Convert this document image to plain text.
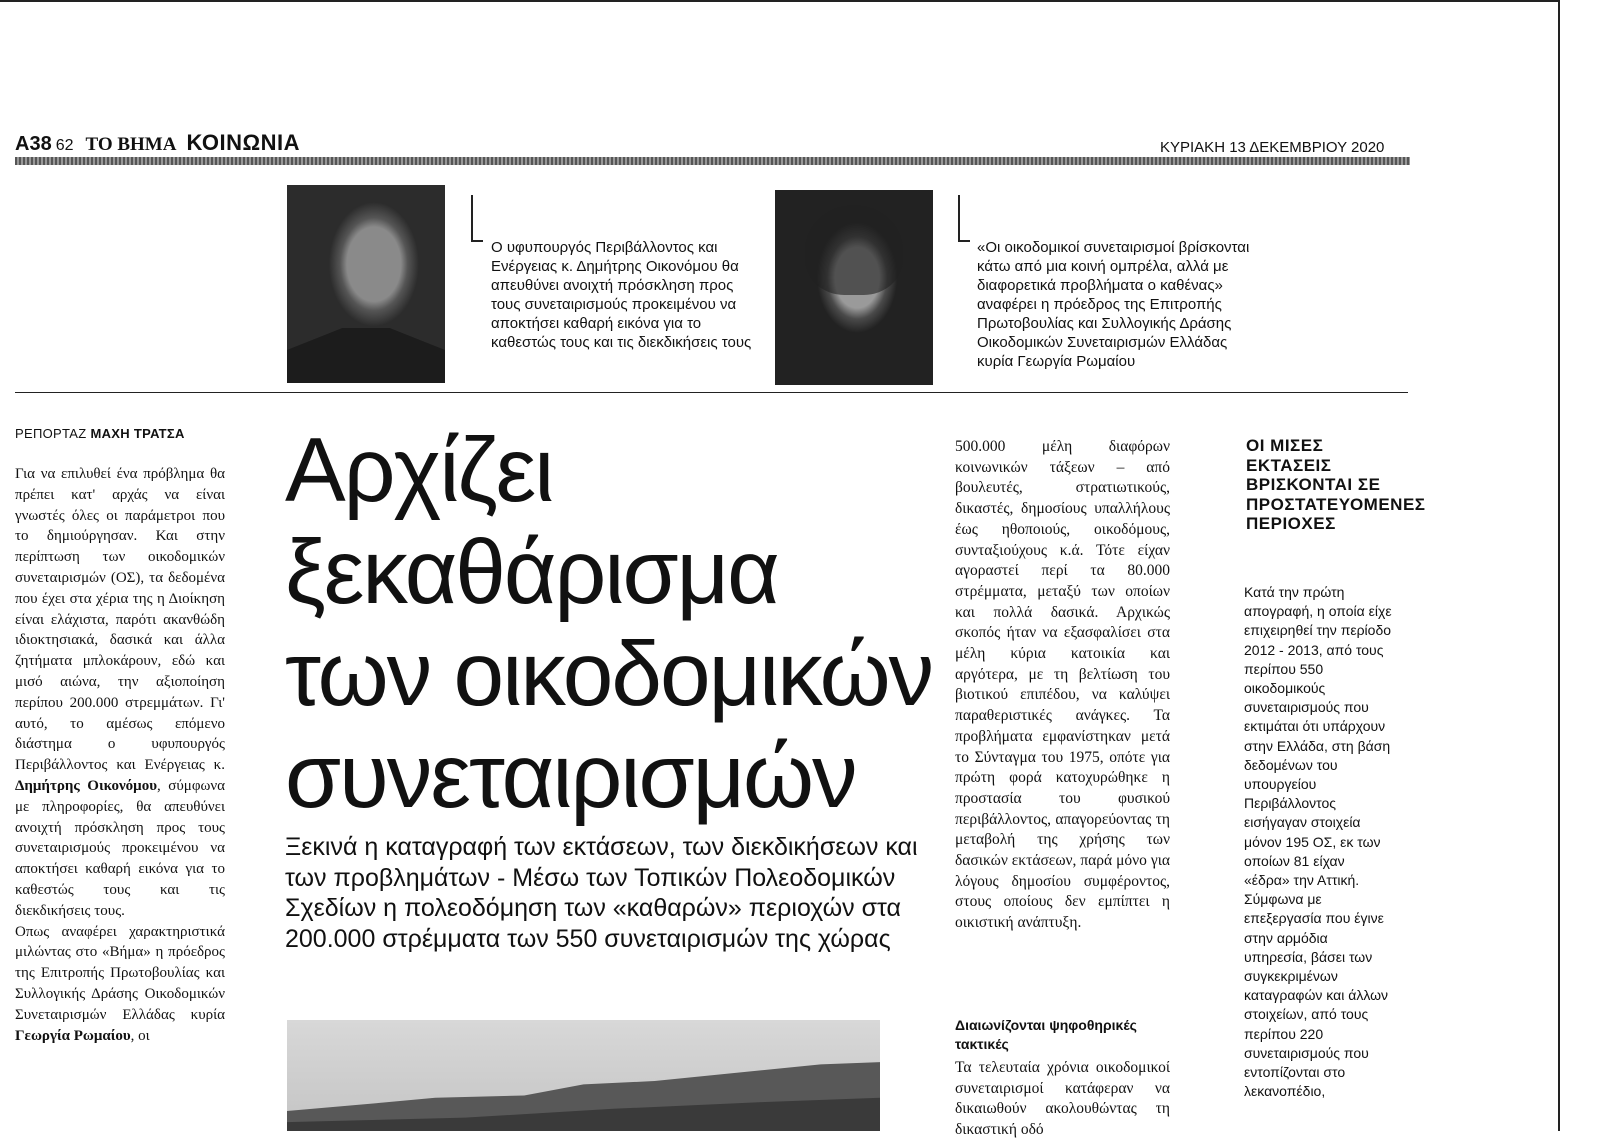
Α38 62 ΤΟ ΒΗΜΑ ΚΟΙΝΩΝΙΑ	ΚΥΡΙΑΚΗ 13 ΔΕΚΕΜΒΡΙΟΥ 2020
Ο υφυπουργός Περιβάλλοντος και Ενέργειας κ. Δημήτρης Οικονόμου θα απευθύνει ανοιχτή πρόσκληση προς τους συνεταιρισμούς προκειμένου να αποκτήσει καθαρή εικόνα για το καθεστώς τους και τις διεκδικήσεις τους
«Οι οικοδομικοί συνεταιρισμοί βρίσκονται κάτω από μια κοινή ομπρέλα, αλλά με διαφορετικά προβλήματα ο καθένας» αναφέρει η πρόεδρος της Επιτροπής Πρωτοβουλίας και Συλλογικής Δράσης Οικοδομικών Συνεταιρισμών Ελλάδας κυρία Γεωργία Ρωμαίου
ΡΕΠΟΡΤΑΖ ΜΑΧΗ ΤΡΑΤΣΑ

Για να επιλυθεί ένα πρόβλημα θα πρέπει κατ' αρχάς να είναι γνωστές όλες οι παράμετροι που το δημιούργησαν. Και στην περίπτωση των οικοδομικών συνεταιρισμών (ΟΣ), τα δεδομένα που έχει στα χέρια της η Διοίκηση είναι ελάχιστα, παρότι ακανθώδη ιδιοκτησιακά, δασικά και άλλα ζητήματα μπλοκάρουν, εδώ και μισό αιώνα, την αξιοποίηση περίπου 200.000 στρεμμάτων. Γι' αυτό, το αμέσως επόμενο διάστημα ο υφυπουργός Περιβάλλοντος και Ενέργειας κ. Δημήτρης Οικονόμου, σύμφωνα με πληροφορίες, θα απευθύνει ανοιχτή πρόσκληση προς τους συνεταιρισμούς προκειμένου να αποκτήσει καθαρή εικόνα για το καθεστώς τους και τις διεκδικήσεις τους.

Οπως αναφέρει χαρακτηριστικά μιλώντας στο «Βήμα» η πρόεδρος της Επιτροπής Πρωτοβουλίας και Συλλογικής Δράσης Οικοδομικών Συνεταιρισμών Ελλάδας κυρία Γεωργία Ρωμαίου, οι

Αρχίζει ξεκαθάρισμα των οικοδομικών συνεταιρισμών
Ξεκινά η καταγραφή των εκτάσεων, των διεκδικήσεων και των προβλημάτων - Μέσω των Τοπικών Πολεοδομικών Σχεδίων η πολεοδόμηση των «καθαρών» περιοχών στα 200.000 στρέμματα των 550 συνεταιρισμών της χώρας
500.000 μέλη διαφόρων κοινωνικών τάξεων – από βουλευτές, στρατιωτικούς, δικαστές, δημοσίους υπαλλήλους έως ηθοποιούς, οικοδόμους, συνταξιούχους κ.ά. Τότε είχαν αγοραστεί περί τα 80.000 στρέμματα, μεταξύ των οποίων και πολλά δασικά. Αρχικώς σκοπός ήταν να εξασφαλίσει στα μέλη κύρια κατοικία και αργότερα, με τη βελτίωση του βιοτικού επιπέδου, να καλύψει παραθεριστικές ανάγκες. Τα προβλήματα εμφανίστηκαν μετά το Σύνταγμα του 1975, οπότε για πρώτη φορά κατοχυρώθηκε η προστασία του φυσικού περιβάλλοντος, απαγορεύοντας τη μεταβολή της χρήσης των δασικών εκτάσεων, παρά μόνο για λόγους δημοσίου συμφέροντος, στους οποίους δεν εμπίπτει η οικιστική ανάπτυξη.
Διαιωνίζονται ψηφοθηρικές τακτικές
Τα τελευταία χρόνια οικοδομικοί συνεταιρισμοί κατάφεραν να δικαιωθούν ακολουθώντας τη δικαστική οδό
ΟΙ ΜΙΣΕΣ ΕΚΤΑΣΕΙΣ ΒΡΙΣΚΟΝΤΑΙ ΣΕ ΠΡΟΣΤΑΤΕΥΟΜΕΝΕΣ ΠΕΡΙΟΧΕΣ
Κατά την πρώτη απογραφή, η οποία είχε επιχειρηθεί την περίοδο 2012 - 2013, από τους περίπου 550 οικοδομικούς συνεταιρισμούς που εκτιμάται ότι υπάρχουν στην Ελλάδα, στη βάση δεδομένων του υπουργείου Περιβάλλοντος εισήγαγαν στοιχεία μόνον 195 ΟΣ, εκ των οποίων 81 είχαν «έδρα» την Αττική. Σύμφωνα με επεξεργασία που έγινε στην αρμόδια υπηρεσία, βάσει των συγκεκριμένων καταγραφών και άλλων στοιχείων, από τους περίπου 220 συνεταιρισμούς που εντοπίζονται στο λεκανοπέδιο,
